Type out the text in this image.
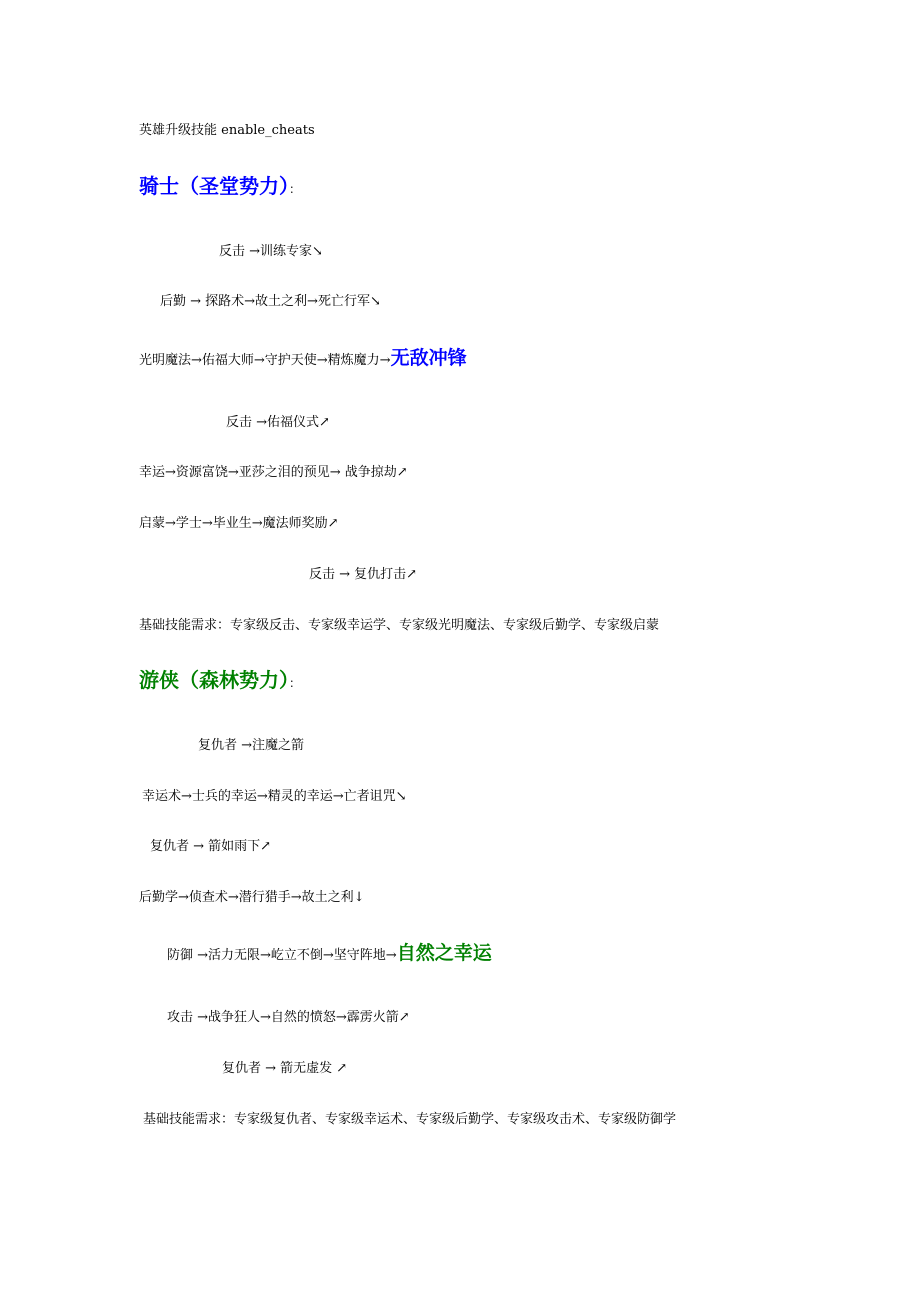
英雄升级技能 enable_cheats
骑士（圣堂势力）：
反击 →训练专家↘
后勤 → 探路术→故土之利→死亡行军↘
光明魔法→佑福大师→守护天使→精炼魔力→无敌冲锋
反击 →佑福仪式↗
幸运→资源富饶→亚莎之泪的预见→ 战争掠劫↗
启蒙→学士→毕业生→魔法师奖励↗
反击 → 复仇打击↗
基础技能需求：专家级反击、专家级幸运学、专家级光明魔法、专家级后勤学、专家级启蒙
游侠（森林势力）：
复仇者 →注魔之箭
幸运术→士兵的幸运→精灵的幸运→亡者诅咒↘
复仇者 → 箭如雨下↗
后勤学→侦查术→潜行猎手→故土之利↓
防御 →活力无限→屹立不倒→坚守阵地→自然之幸运
攻击 →战争狂人→自然的愤怒→霹雳火箭↗
复仇者 → 箭无虚发 ↗
基础技能需求：专家级复仇者、专家级幸运术、专家级后勤学、专家级攻击术、专家级防御学
